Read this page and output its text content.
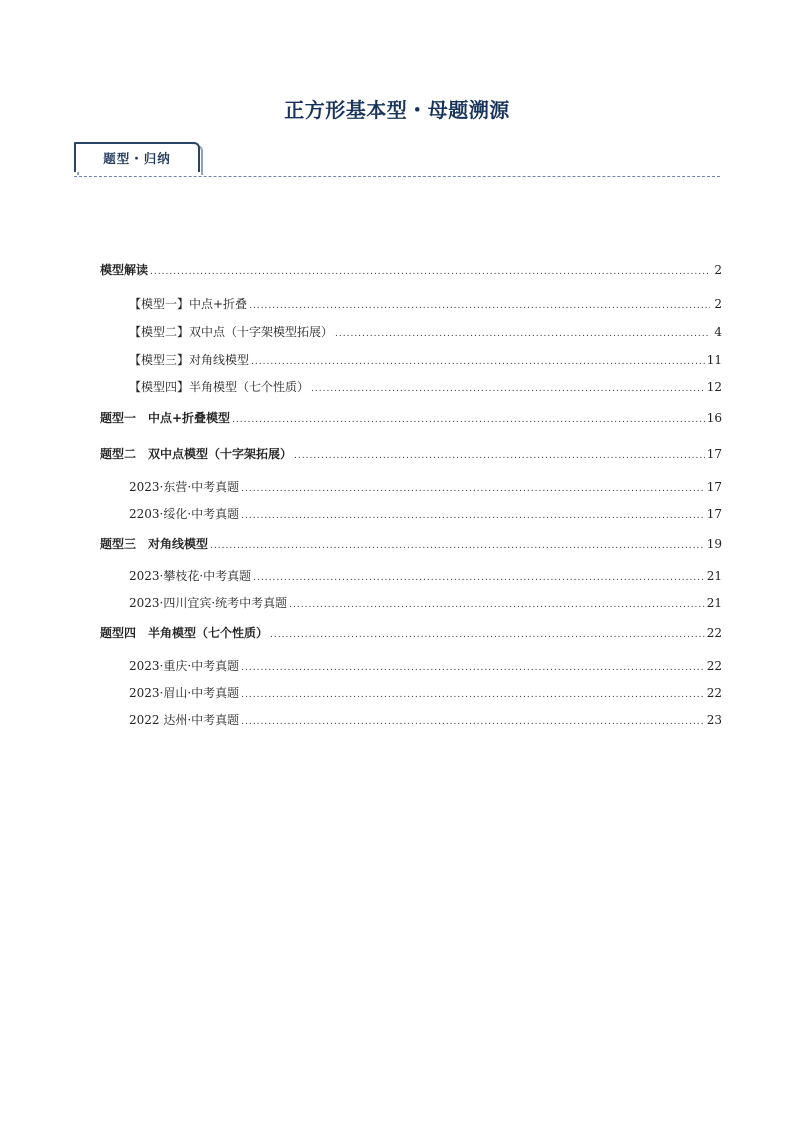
正方形基本型・母题溯源
题型・归纳
模型解读 .....	2
【模型一】中点+折叠 .....	2
【模型二】双中点（十字架模型拓展） .....	4
【模型三】对角线模型 .....	11
【模型四】半角模型（七个性质） .....	12
题型一　中点+折叠模型 .....	16
题型二　双中点模型（十字架拓展） .....	17
2023·东营·中考真题 .....	17
2203·绥化·中考真题 .....	17
题型三　对角线模型 .....	19
2023·攀枝花·中考真题 .....	21
2023·四川宜宾·统考中考真题 .....	21
题型四　半角模型（七个性质） .....	22
2023·重庆·中考真题 .....	22
2023·眉山·中考真题 .....	22
2022 达州·中考真题 .....	23
